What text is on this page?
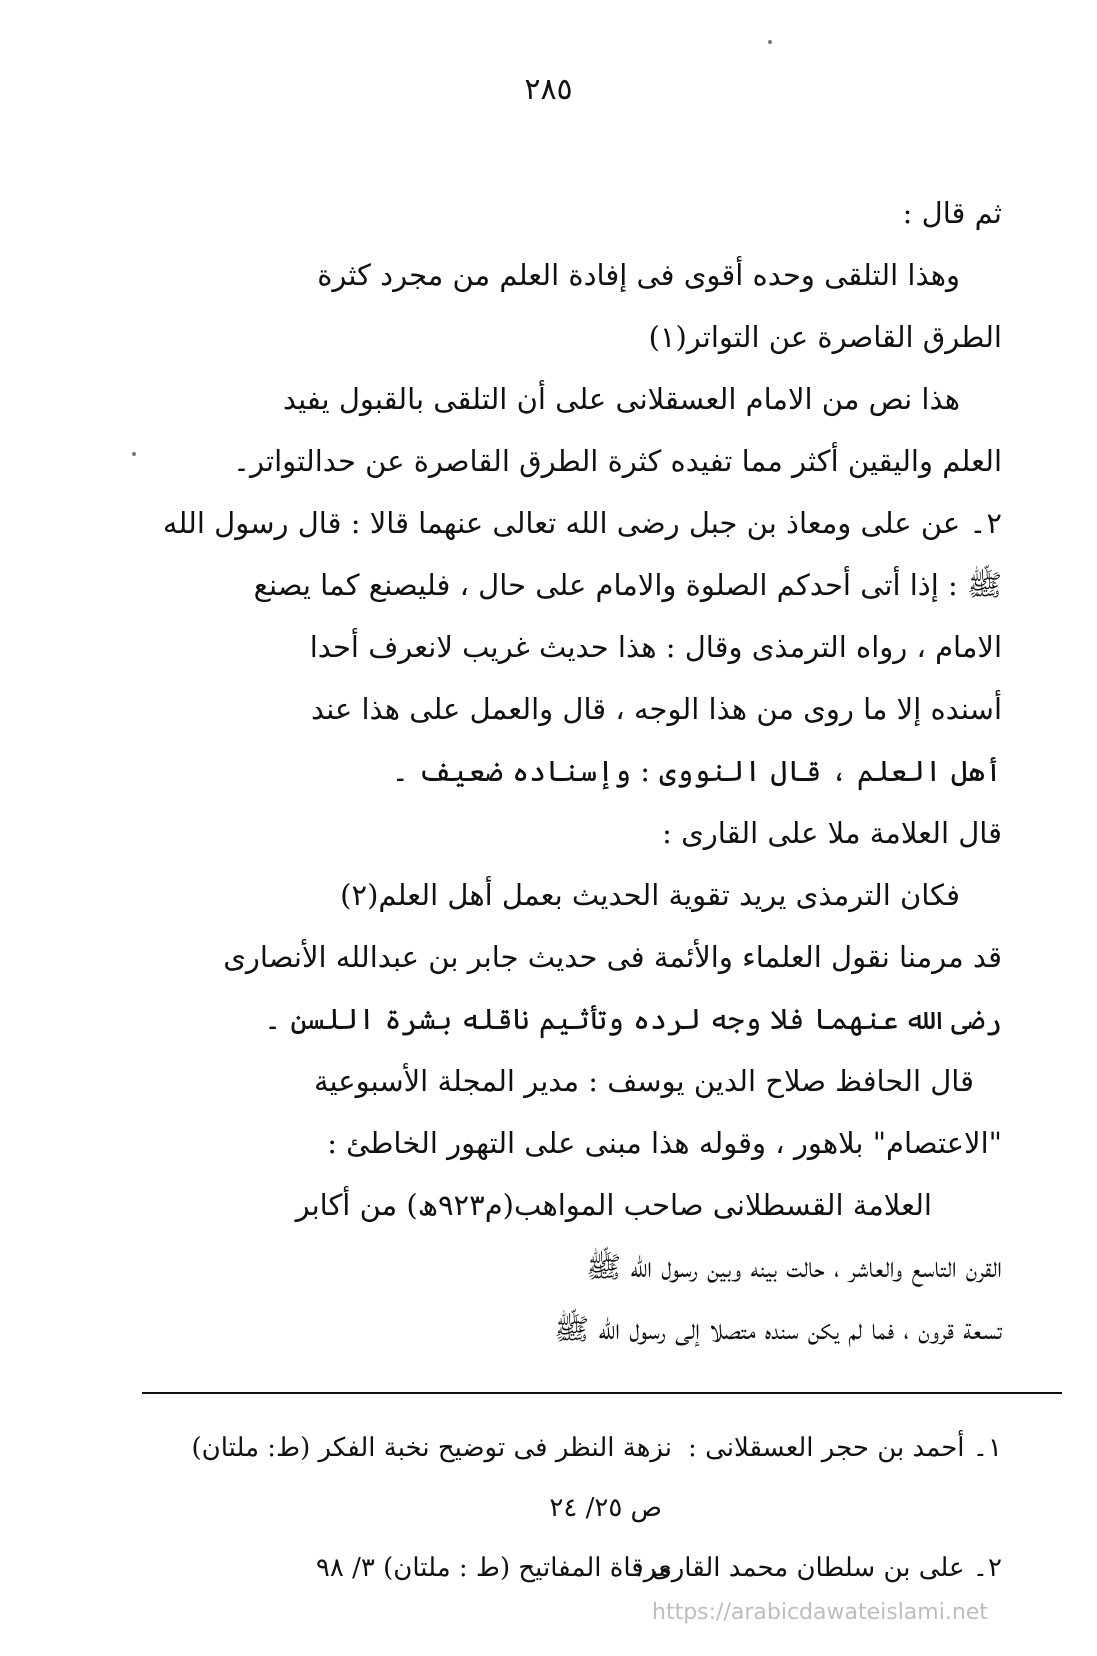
٢٨٥
ثم قال :
وهذا التلقى وحده أقوى فى إفادة العلم من مجرد كثرة
الطرق القاصرة عن التواتر(١)
هذا نص من الامام العسقلانى على أن التلقى بالقبول يفيد
العلم واليقين أكثر مما تفيده كثرة الطرق القاصرة عن حدالتواتر۔
٢۔ عن على ومعاذ بن جبل رضى الله تعالى عنهما قالا : قال رسول الله
ﷺ : إذا أتى أحدكم الصلوة والامام على حال ، فليصنع كما يصنع
الامام ، رواه الترمذى وقال : هذا حديث غريب لانعرف أحدا
أسنده إلا ما روى من هذا الوجه ، قال والعمل على هذا عند
أهل العلم ، قال النووى : وإسناده ضعيف ۔
قال العلامة ملا على القارى :
فكان الترمذى يريد تقوية الحديث بعمل أهل العلم(٢)
قد مرمنا نقول العلماء والأئمة فى حديث جابر بن عبدالله الأنصارى
رضى الله عنهما فلا وجه لرده وتأثيم ناقله بشرة اللسن ۔
قال الحافظ صلاح الدين يوسف : مدير المجلة الأسبوعية
"الاعتصام" بلاهور ، وقوله هذا مبنى على التهور الخاطئ :
العلامة القسطلانى صاحب المواهب(م٩٢٣ھ) من أكابر
القرن التاسع والعاشر ، حالت بينه وبين رسول الله ﷺ
تسعة قرون ، فما لم يكن سنده متصلا إلى رسول الله ﷺ
١۔ أحمد بن حجر العسقلانى :
نزهة النظر فى توضيح نخبة الفكر (ط: ملتان)
ص ٢٥/ ٢٤
٢۔ على بن سلطان محمد القارى :
مرقاة المفاتيح (ط : ملتان) ٣/ ٩٨
https://arabicdawateislami.net
